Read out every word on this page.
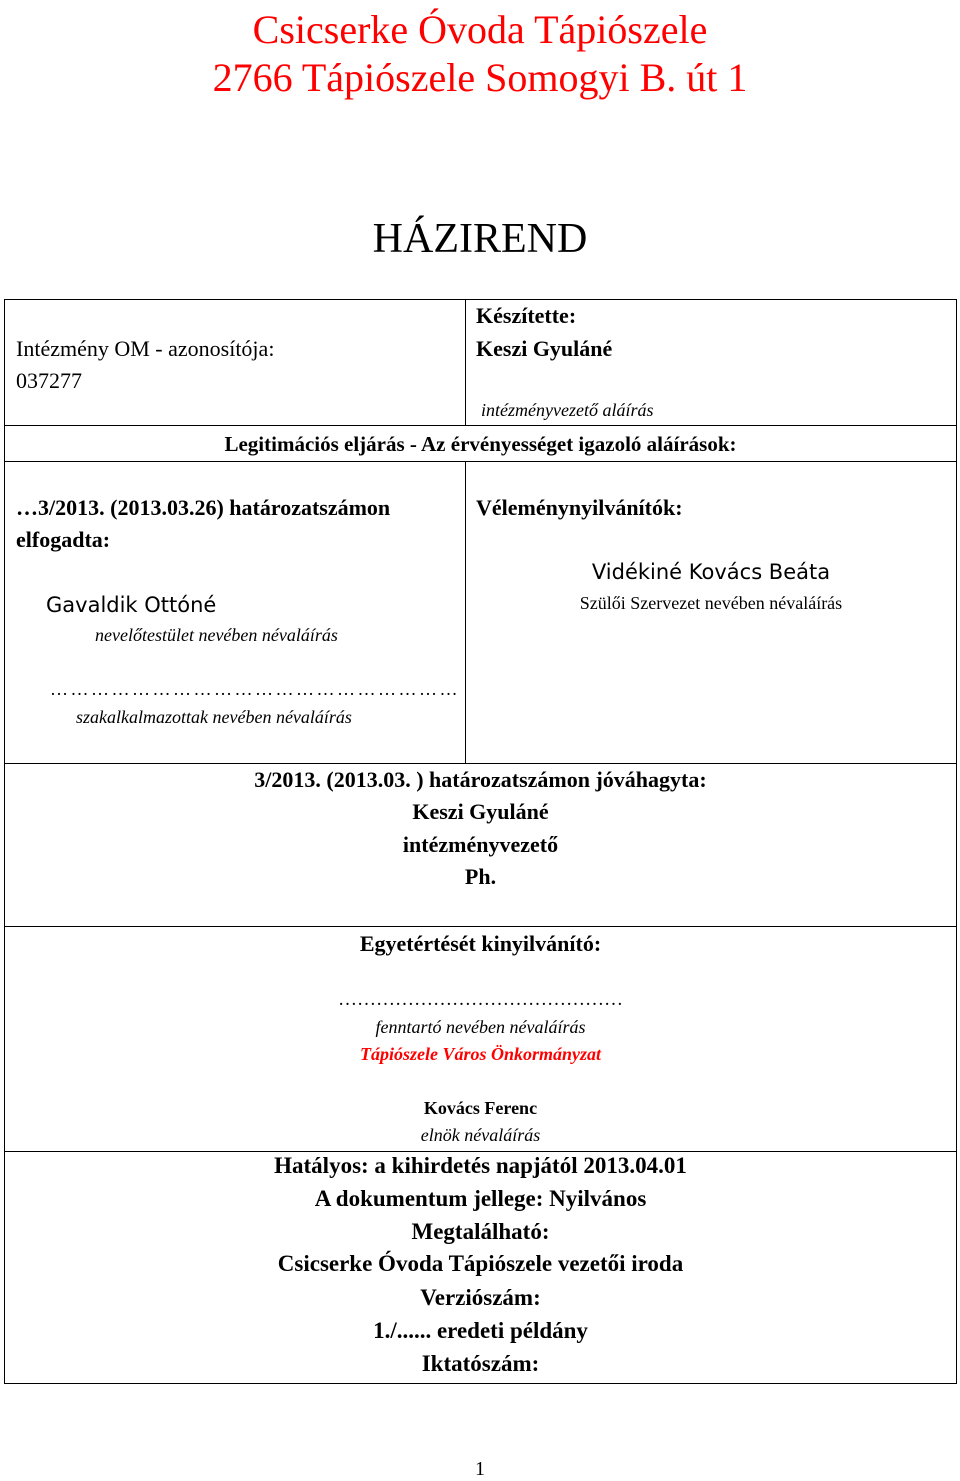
Csicserke Óvoda Tápiószele
2766 Tápiószele Somogyi B. út 1
HÁZIREND
Intézmény OM - azonosítója:
037277
Készítette:
Keszi Gyuláné
intézményvezető aláírás
Legitimációs eljárás - Az érvényességet igazoló aláírások:
…3/2013. (2013.03.26) határozatszámon
elfogadta:
Gavaldik Ottóné
nevelőtestület nevében névaláírás
… … … … … … … … … … … … … … … … … … … …
szakalkalmazottak nevében névaláírás
Véleménynyilvánítók:
Vidékiné Kovács Beáta
Szülői Szervezet nevében névaláírás
3/2013. (2013.03. ) határozatszámon jóváhagyta:
Keszi Gyuláné
intézményvezető
Ph.
Egyetértését kinyilvánító:
………………………………………
fenntartó nevében névaláírás
Tápiószele Város Önkormányzat
Kovács Ferenc
elnök névaláírás
Hatályos: a kihirdetés napjától 2013.04.01
A dokumentum jellege: Nyilvános
Megtalálható:
Csicserke Óvoda Tápiószele vezetői iroda
Verziószám:
1./...... eredeti példány
Iktatószám:
1
